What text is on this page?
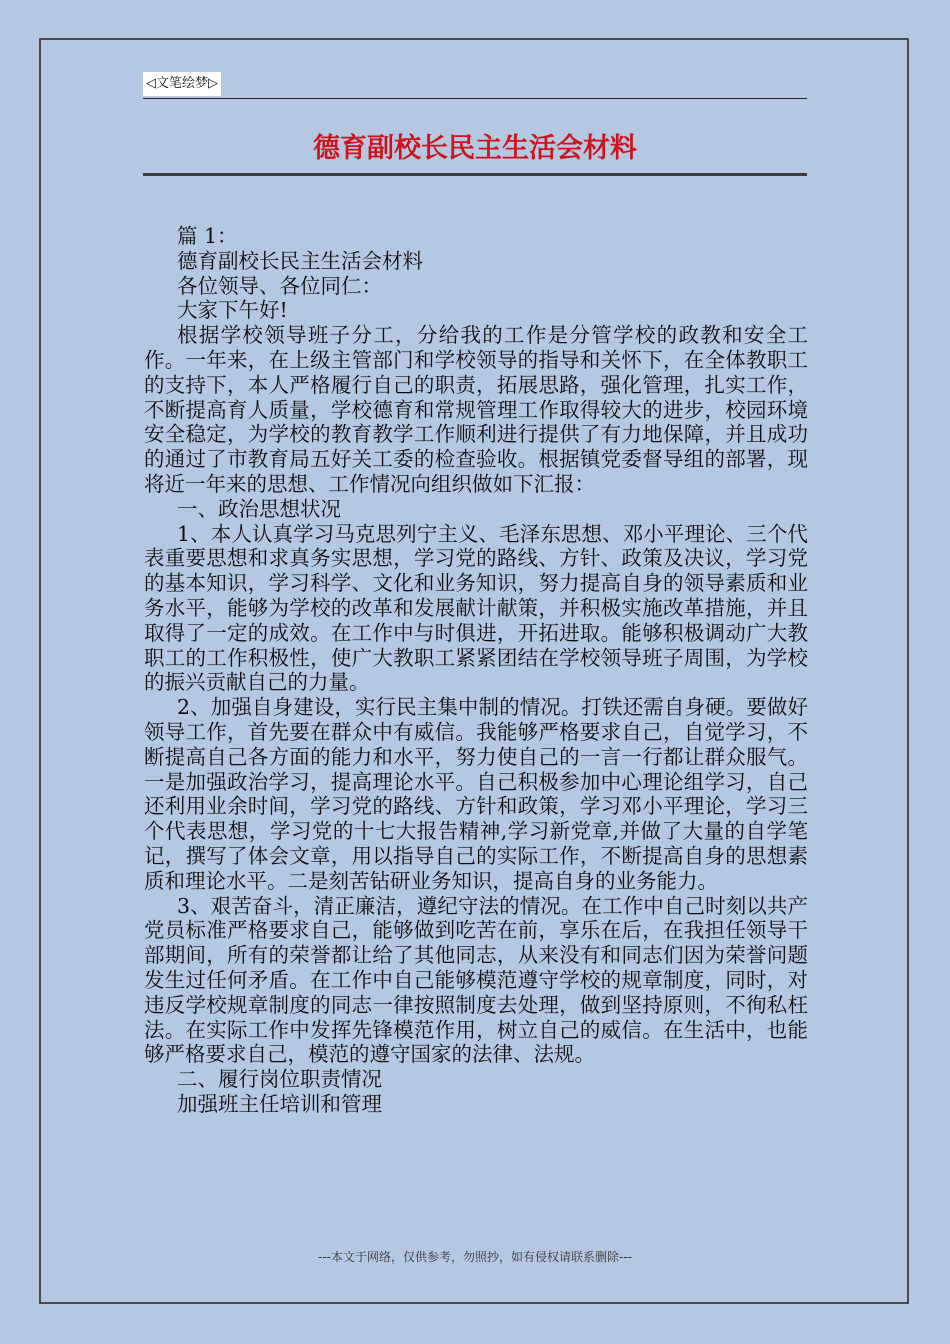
◁文笔绘梦▷
德育副校长民主生活会材料

篇 1：

德育副校长民主生活会材料

各位领导、各位同仁：

大家下午好!

根据学校领导班子分工，分给我的工作是分管学校的政教和安全工作。一年来，在上级主管部门和学校领导的指导和关怀下，在全体教职工的支持下，本人严格履行自己的职责，拓展思路，强化管理，扎实工作，不断提高育人质量，学校德育和常规管理工作取得较大的进步，校园环境安全稳定，为学校的教育教学工作顺利进行提供了有力地保障，并且成功的通过了市教育局五好关工委的检查验收。根据镇党委督导组的部署，现将近一年来的思想、工作情况向组织做如下汇报：

一、政治思想状况

1、本人认真学习马克思列宁主义、毛泽东思想、邓小平理论、三个代表重要思想和求真务实思想，学习党的路线、方针、政策及决议，学习党的基本知识，学习科学、文化和业务知识，努力提高自身的领导素质和业务水平，能够为学校的改革和发展献计献策，并积极实施改革措施，并且取得了一定的成效。在工作中与时俱进，开拓进取。能够积极调动广大教职工的工作积极性，使广大教职工紧紧团结在学校领导班子周围，为学校的振兴贡献自己的力量。

2、加强自身建设，实行民主集中制的情况。打铁还需自身硬。要做好领导工作，首先要在群众中有威信。我能够严格要求自己，自觉学习，不断提高自己各方面的能力和水平，努力使自己的一言一行都让群众服气。一是加强政治学习，提高理论水平。自己积极参加中心理论组学习，自己还利用业余时间，学习党的路线、方针和政策，学习邓小平理论，学习三个代表思想，学习党的十七大报告精神,学习新党章,并做了大量的自学笔记，撰写了体会文章，用以指导自己的实际工作，不断提高自身的思想素质和理论水平。二是刻苦钻研业务知识，提高自身的业务能力。

3、艰苦奋斗，清正廉洁，遵纪守法的情况。在工作中自己时刻以共产党员标准严格要求自己，能够做到吃苦在前，享乐在后，在我担任领导干部期间，所有的荣誉都让给了其他同志，从来没有和同志们因为荣誉问题发生过任何矛盾。在工作中自己能够模范遵守学校的规章制度，同时，对违反学校规章制度的同志一律按照制度去处理，做到坚持原则，不徇私枉法。在实际工作中发挥先锋模范作用，树立自己的威信。在生活中，也能够严格要求自己，模范的遵守国家的法律、法规。

二、履行岗位职责情况

加强班主任培训和管理

---本文于网络，仅供参考，勿照抄，如有侵权请联系删除---
